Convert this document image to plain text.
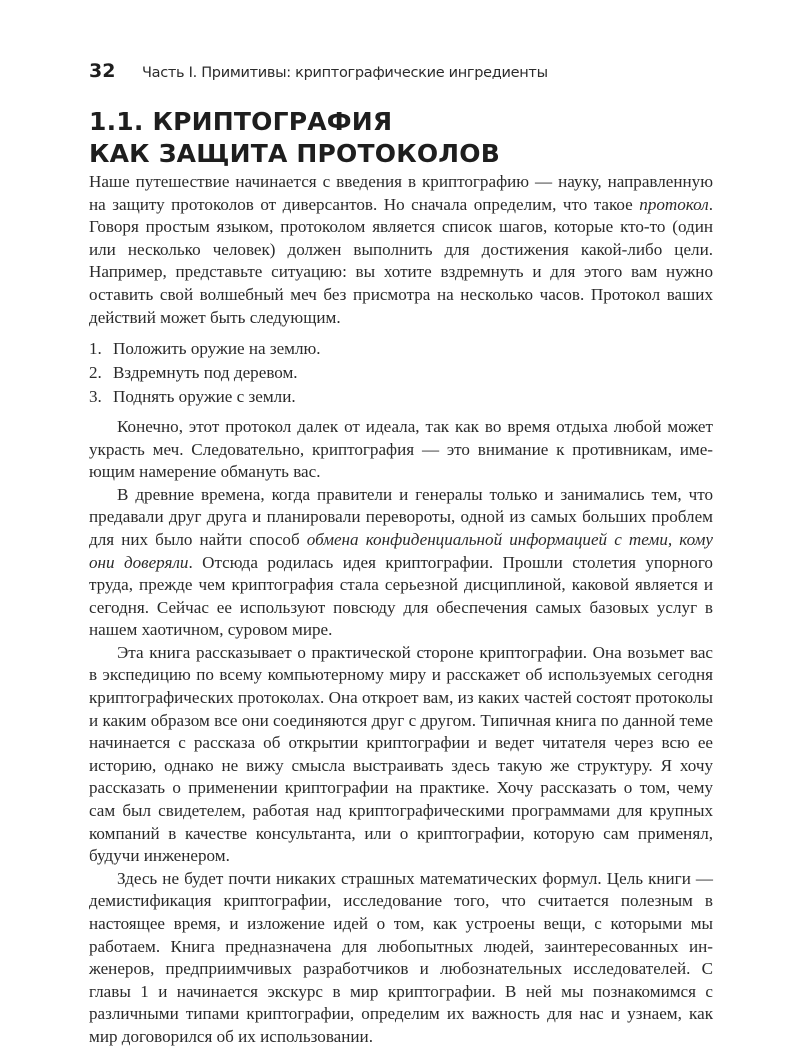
32	Часть I. Примитивы: криптографические ингредиенты
1.1. КРИПТОГРАФИЯ
КАК ЗАЩИТА ПРОТОКОЛОВ

Наше путешествие начинается с введения в криптографию — науку, направленную на защиту протоколов от диверсантов. Но сначала определим, что такое протокол. Говоря простым языком, протоколом является список шагов, которые кто-то (один или несколько человек) должен выполнить для достижения какой-либо цели. Например, представьте ситуацию: вы хотите вздремнуть и для этого вам нужно оставить свой волшебный меч без присмотра на несколько часов. Протокол ваших действий может быть следующим.

1. Положить оружие на землю.
2. Вздремнуть под деревом.
3. Поднять оружие с земли.

Конечно, этот протокол далек от идеала, так как во время отдыха любой может украсть меч. Следовательно, криптография — это внимание к противникам, имеющим намерение обмануть вас.

В древние времена, когда правители и генералы только и занимались тем, что предавали друг друга и планировали перевороты, одной из самых больших проблем для них было найти способ обмена конфиденциальной информацией с теми, кому они доверяли. Отсюда родилась идея криптографии. Прошли столетия упорного труда, прежде чем криптография стала серьезной дисциплиной, каковой является и сегодня. Сейчас ее используют повсюду для обеспечения самых базовых услуг в нашем хаотичном, суровом мире.

Эта книга рассказывает о практической стороне криптографии. Она возьмет вас в экспедицию по всему компьютерному миру и расскажет об используемых сегодня криптографических протоколах. Она откроет вам, из каких частей состоят протоколы и каким образом все они соединяются друг с другом. Типичная книга по данной теме начинается с рассказа об открытии криптографии и ведет читателя через всю ее историю, однако не вижу смысла выстраивать здесь такую же структуру. Я хочу рассказать о применении криптографии на практике. Хочу рассказать о том, чему сам был свидетелем, работая над криптографическими программами для крупных компаний в качестве консультанта, или о криптографии, которую сам применял, будучи инженером.

Здесь не будет почти никаких страшных математических формул. Цель книги — демистификация криптографии, исследование того, что считается полезным в настоящее время, и изложение идей о том, как устроены вещи, с которыми мы работаем. Книга предназначена для любопытных людей, заинтересованных инженеров, предприимчивых разработчиков и любознательных исследователей. С главы 1 и начинается экскурс в мир криптографии. В ней мы познакомимся с различными типами криптографии, определим их важность для нас и узнаем, как мир договорился об их использовании.
